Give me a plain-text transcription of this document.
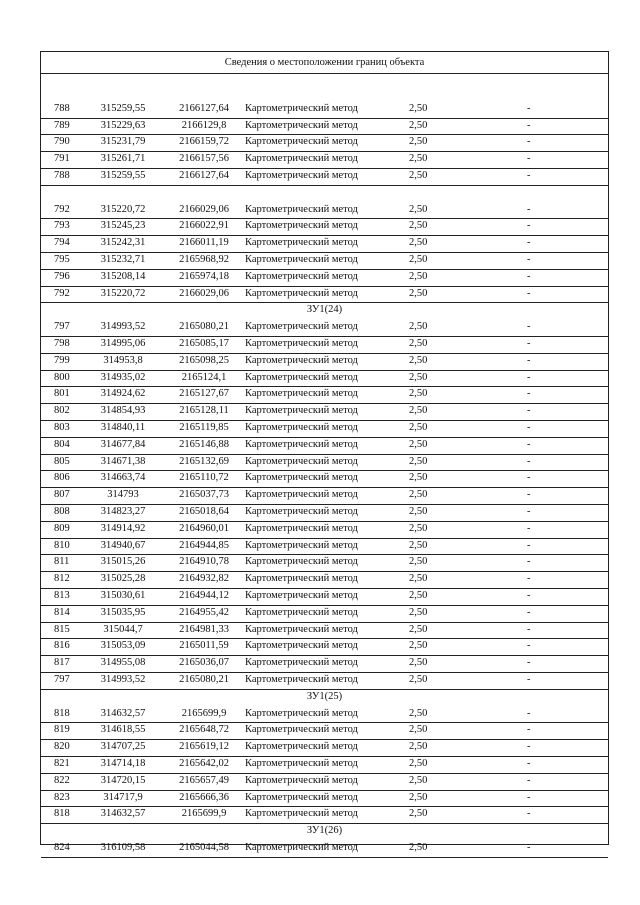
Сведения о местоположении границ объекта
788	315259,55	2166127,64	Картометрический метод	2,50	-
789	315229,63	2166129,8	Картометрический метод	2,50	-
790	315231,79	2166159,72	Картометрический метод	2,50	-
791	315261,71	2166157,56	Картометрический метод	2,50	-
788	315259,55	2166127,64	Картометрический метод	2,50	-
792	315220,72	2166029,06	Картометрический метод	2,50	-
793	315245,23	2166022,91	Картометрический метод	2,50	-
794	315242,31	2166011,19	Картометрический метод	2,50	-
795	315232,71	2165968,92	Картометрический метод	2,50	-
796	315208,14	2165974,18	Картометрический метод	2,50	-
792	315220,72	2166029,06	Картометрический метод	2,50	-
ЗУ1(24)
797	314993,52	2165080,21	Картометрический метод	2,50	-
798	314995,06	2165085,17	Картометрический метод	2,50	-
799	314953,8	2165098,25	Картометрический метод	2,50	-
800	314935,02	2165124,1	Картометрический метод	2,50	-
801	314924,62	2165127,67	Картометрический метод	2,50	-
802	314854,93	2165128,11	Картометрический метод	2,50	-
803	314840,11	2165119,85	Картометрический метод	2,50	-
804	314677,84	2165146,88	Картометрический метод	2,50	-
805	314671,38	2165132,69	Картометрический метод	2,50	-
806	314663,74	2165110,72	Картометрический метод	2,50	-
807	314793	2165037,73	Картометрический метод	2,50	-
808	314823,27	2165018,64	Картометрический метод	2,50	-
809	314914,92	2164960,01	Картометрический метод	2,50	-
810	314940,67	2164944,85	Картометрический метод	2,50	-
811	315015,26	2164910,78	Картометрический метод	2,50	-
812	315025,28	2164932,82	Картометрический метод	2,50	-
813	315030,61	2164944,12	Картометрический метод	2,50	-
814	315035,95	2164955,42	Картометрический метод	2,50	-
815	315044,7	2164981,33	Картометрический метод	2,50	-
816	315053,09	2165011,59	Картометрический метод	2,50	-
817	314955,08	2165036,07	Картометрический метод	2,50	-
797	314993,52	2165080,21	Картометрический метод	2,50	-
ЗУ1(25)
818	314632,57	2165699,9	Картометрический метод	2,50	-
819	314618,55	2165648,72	Картометрический метод	2,50	-
820	314707,25	2165619,12	Картометрический метод	2,50	-
821	314714,18	2165642,02	Картометрический метод	2,50	-
822	314720,15	2165657,49	Картометрический метод	2,50	-
823	314717,9	2165666,36	Картометрический метод	2,50	-
818	314632,57	2165699,9	Картометрический метод	2,50	-
ЗУ1(26)
824	316109,58	2165044,58	Картометрический метод	2,50	-
